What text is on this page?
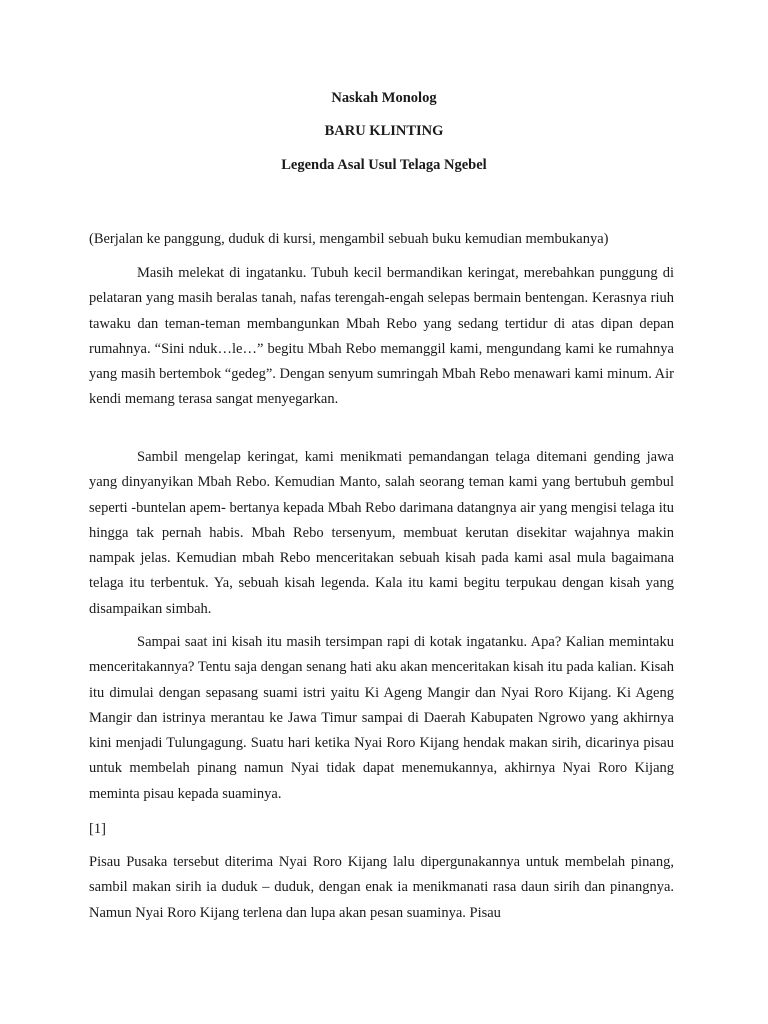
Naskah Monolog
BARU KLINTING
Legenda Asal Usul Telaga Ngebel

(Berjalan ke panggung, duduk di kursi, mengambil sebuah buku kemudian membukanya)

Masih melekat di ingatanku. Tubuh kecil bermandikan keringat, merebahkan punggung di pelataran yang masih beralas tanah, nafas terengah-engah selepas bermain bentengan. Kerasnya riuh tawaku dan teman-teman membangunkan Mbah Rebo yang sedang tertidur di atas dipan depan rumahnya. “Sini nduk…le…” begitu Mbah Rebo memanggil kami, mengundang kami ke rumahnya yang masih bertembok “gedeg”. Dengan senyum sumringah Mbah Rebo menawari kami minum. Air kendi memang terasa sangat menyegarkan.

Sambil mengelap keringat, kami menikmati pemandangan telaga ditemani gending jawa yang dinyanyikan Mbah Rebo. Kemudian Manto, salah seorang teman kami yang bertubuh gembul seperti -buntelan apem- bertanya kepada Mbah Rebo darimana datangnya air yang mengisi telaga itu hingga tak pernah habis. Mbah Rebo tersenyum, membuat kerutan disekitar wajahnya makin nampak jelas. Kemudian mbah Rebo menceritakan sebuah kisah pada kami asal mula bagaimana telaga itu terbentuk. Ya, sebuah kisah legenda. Kala itu kami begitu terpukau dengan kisah yang disampaikan simbah.

Sampai saat ini kisah itu masih tersimpan rapi di kotak ingatanku. Apa? Kalian memintaku menceritakannya? Tentu saja dengan senang hati aku akan menceritakan kisah itu pada kalian. Kisah itu dimulai dengan sepasang suami istri yaitu Ki Ageng Mangir dan Nyai Roro Kijang. Ki Ageng Mangir dan istrinya merantau ke Jawa Timur sampai di Daerah Kabupaten Ngrowo yang akhirnya kini menjadi Tulungagung. Suatu hari ketika Nyai Roro Kijang hendak makan sirih, dicarinya pisau untuk membelah pinang namun Nyai tidak dapat menemukannya, akhirnya Nyai Roro Kijang meminta pisau kepada suaminya.

[1]

Pisau Pusaka tersebut diterima Nyai Roro Kijang lalu dipergunakannya untuk membelah pinang, sambil makan sirih ia duduk – duduk, dengan enak ia menikmanati rasa daun sirih dan pinangnya. Namun Nyai Roro Kijang terlena dan lupa akan pesan suaminya. Pisau
